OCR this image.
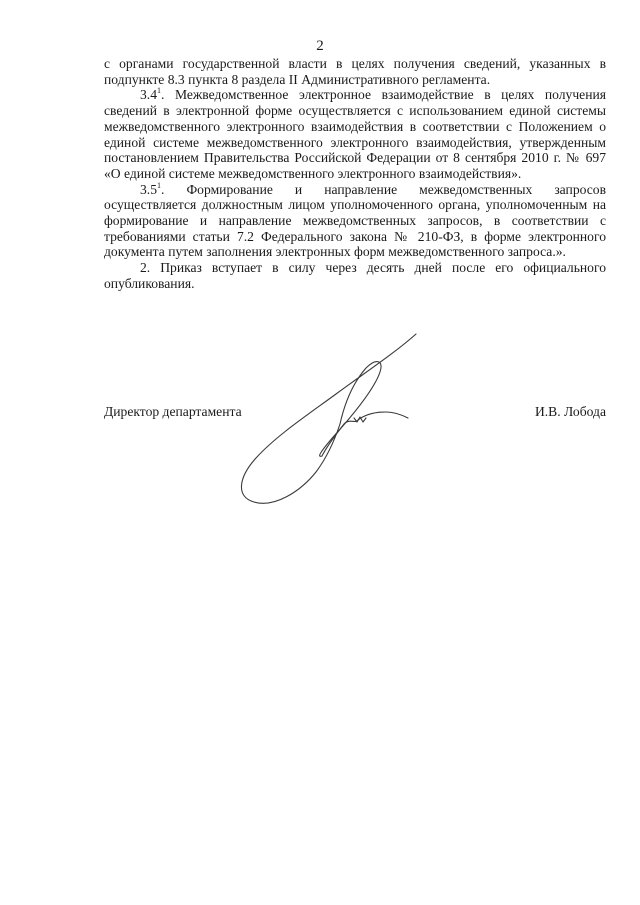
2

с органами государственной власти в целях получения сведений, указанных в подпункте 8.3 пункта 8 раздела II Административного регламента.

$3.4^1$. Межведомственное электронное взаимодействие в целях получения сведений в электронной форме осуществляется с использованием единой системы межведомственного электронного взаимодействия в соответствии с Положением о единой системе межведомственного электронного взаимодействия, утвержденным постановлением Правительства Российской Федерации от 8 сентября 2010 г. № 697 «О единой системе межведомственного электронного взаимодействия».

$3.5^1$. Формирование и направление межведомственных запросов осуществляется должностным лицом уполномоченного органа, уполномоченным на формирование и направление межведомственных запросов, в соответствии с требованиями статьи 7.2 Федерального закона № 210-ФЗ, в форме электронного документа путем заполнения электронных форм межведомственного запроса.».

2. Приказ вступает в силу через десять дней после его официального опубликования.

Директор департамента	И.В. Лобода
